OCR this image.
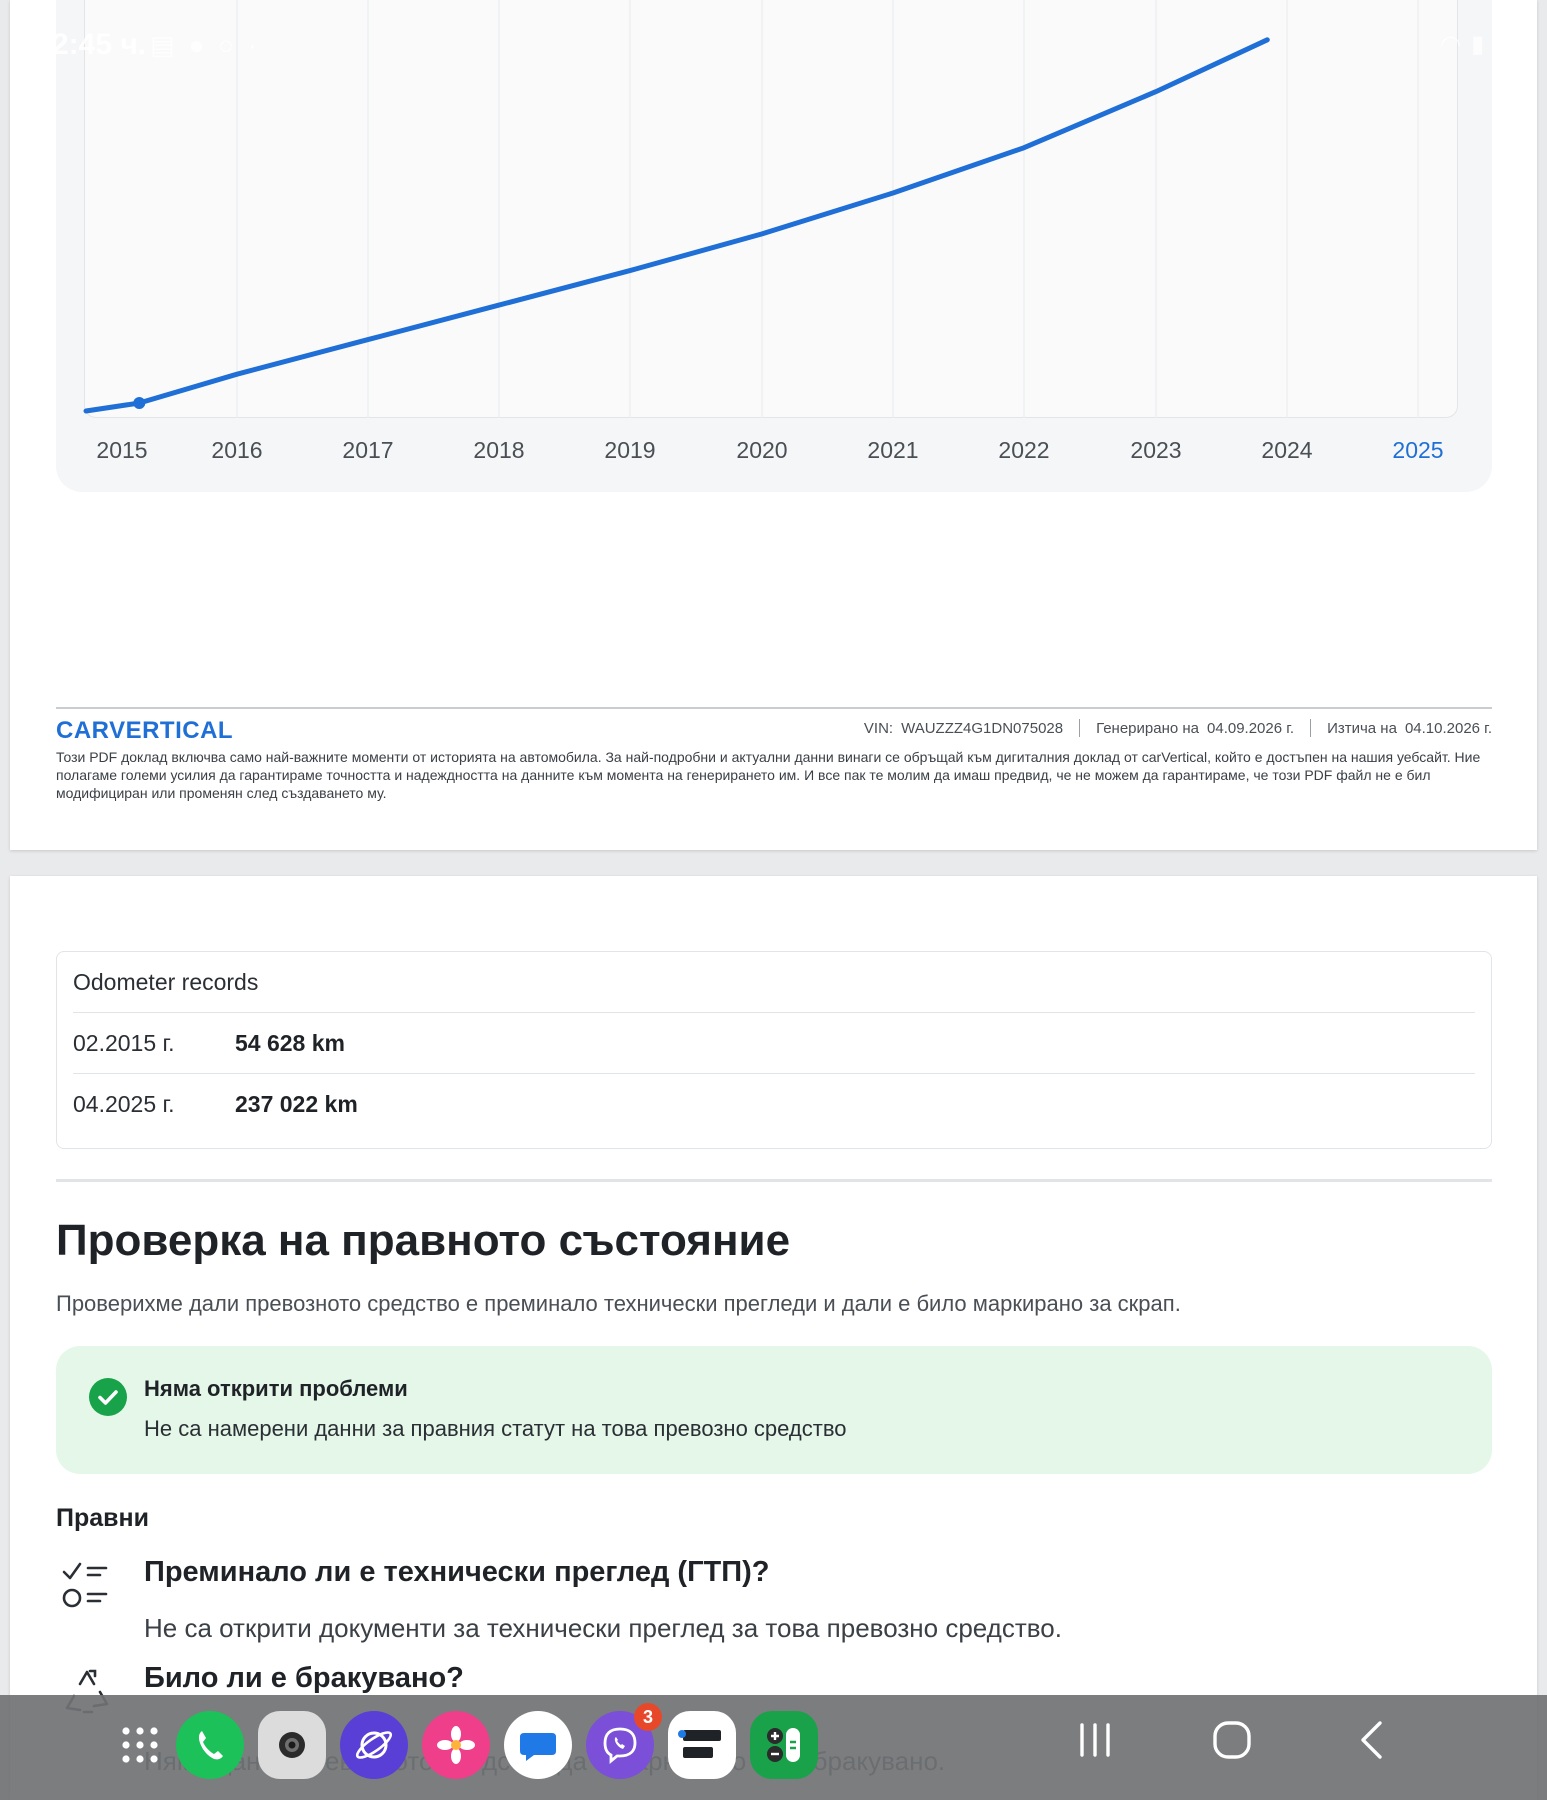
2:45 ч. ▤ ● ○ ·	◠ ▮ ▭
2015	2016	2017	2018	2019	2020	2021	2022	2023	2024	2025
CARVERTICAL	VIN: WAUZZZ4G1DN075028 Генерирано на 04.09.2026 г. Изтича на 04.10.2026 г.
Този PDF доклад включва само най-важните моменти от историята на автомобила. За най-подробни и актуални данни винаги се обръщай към дигиталния доклад от carVertical, който е достъпен на нашия уебсайт. Ние полагаме големи усилия да гарантираме точността и надеждността на данните към момента на генерирането им. И все пак те молим да имаш предвид, че не можем да гарантираме, че този PDF файл не е бил модифициран или променян след създаването му.
Odometer records
02.2015 г.	54 628 km
04.2025 г.	237 022 km
Проверка на правното състояние
Проверихме дали превозното средство е преминало технически прегледи и дали е било маркирано за скрап.
Няма открити проблеми
Не са намерени данни за правния статут на това превозно средство
Правни
Преминало ли е технически преглед (ГТП)?
Не са открити документи за технически преглед за това превозно средство.
Било ли е бракувано?
3
